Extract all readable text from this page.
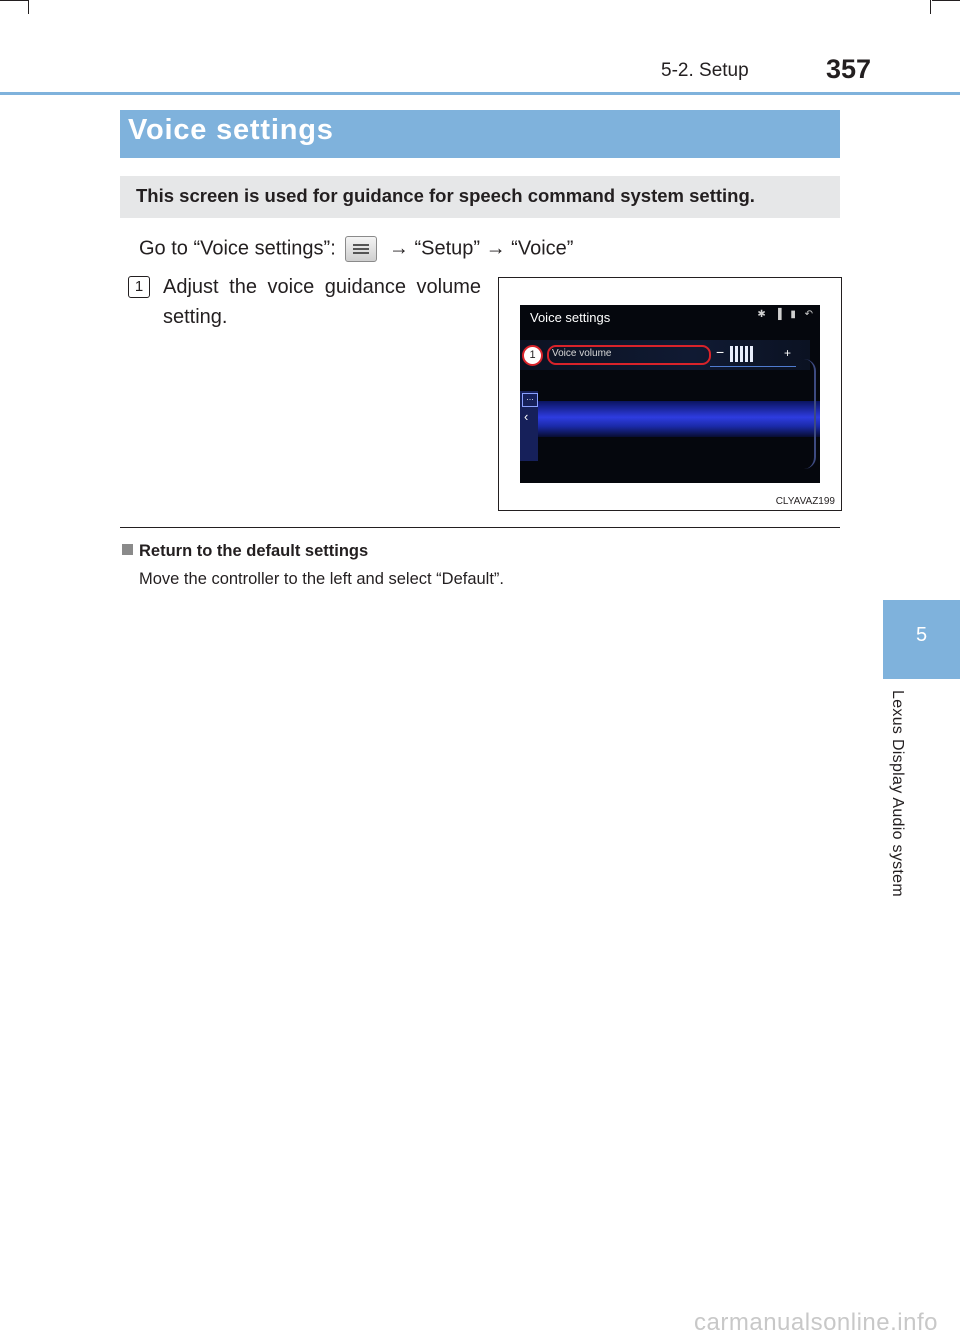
5-2. Setup	357
5
Lexus Display Audio system
Voice settings
This screen is used for guidance for speech command system setting.
Go to “Voice settings”:	→ “Setup” → “Voice”
1 Adjust the voice guidance volume setting.	Voice settings	✱ ▐ ▮ ↶
Voice volume	−	+
1
…
‹
CLYAVAZ199
Return to the default settings
Move the controller to the left and select “Default”.
carmanualsonline.info
